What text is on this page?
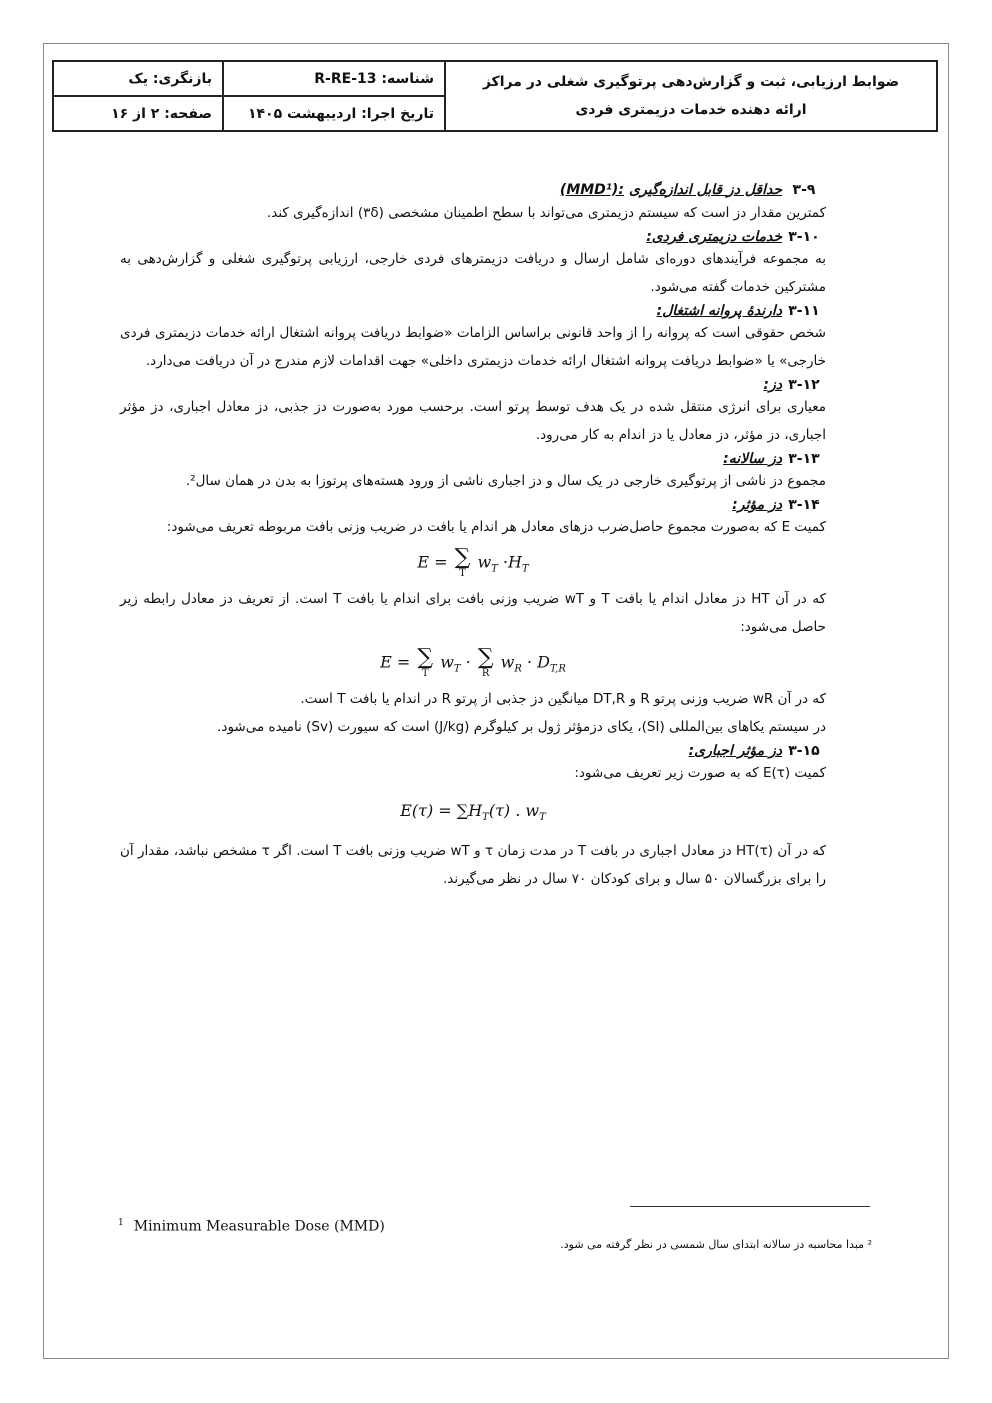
ضوابط ارزیابی، ثبت و گزارش‌دهی پرتوگیری شغلی در مراکز
ارائه دهنده خدمات دزیمتری فردی	شناسه: R-RE-13	بازنگری: یک
	تاریخ اجرا: اردیبهشت ۱۴۰۵	صفحه: ۲ از ۱۶
۳-۹
حداقل دز قابل اندازه‌گیری

(MMD¹):

کمترین مقدار دز است که سیستم دزیمتری می‌تواند با سطح اطمینان مشخصی (۳δ) اندازه‌گیری کند.

۳-۱۰
خدمات دزیمتری فردی:

به مجموعه فرآیندهای دوره‌ای شامل ارسال و دریافت دزیمترهای فردی خارجی، ارزیابی پرتوگیری شغلی و گزارش‌دهی به مشترکین خدمات گفته می‌شود.

۳-۱۱
دارندهٔ پروانه اشتغال:

شخص حقوقی است که پروانه را از واحد قانونی براساس الزامات «ضوابط دریافت پروانه اشتغال ارائه خدمات دزیمتری فردی خارجی» یا «ضوابط دریافت پروانه اشتغال ارائه خدمات دزیمتری داخلی» جهت اقدامات لازم مندرج در آن دریافت می‌دارد.

۳-۱۲
دز:

معیاری برای انرژی منتقل شده در یک هدف توسط پرتو است. برحسب مورد به‌صورت دز جذبی، دز معادل اجباری، دز مؤثر اجباری، دز مؤثر، دز معادل یا دز اندام به کار می‌رود.

۳-۱۳
دز سالانه:

مجموع دز ناشی از پرتوگیری خارجی در یک سال و دز اجباری ناشی از ورود هسته‌های پرتوزا به بدن در همان سال².

۳-۱۴
دز مؤثر:

کمیت E که به‌صورت مجموع حاصل‌ضرب دزهای معادل هر اندام یا بافت در ضریب وزنی بافت مربوطه تعریف می‌شود:

E = ∑
T
$w_T \cdot H_T$

که در آن HT دز معادل اندام یا بافت T و wT ضریب وزنی بافت برای اندام یا بافت T است. از تعریف دز معادل رابطه زیر حاصل می‌شود:

E = ∑
T
$w_T$ · ∑
R
$w_R \cdot D_{T,R}$

که در آن wR ضریب وزنی پرتو R و DT,R میانگین دز جذبی از پرتو R در اندام یا بافت T است.

در سیستم یکاهای بین‌المللی (SI)، یکای دزمؤثر ژول بر کیلوگرم (J/kg) است که سیورت (Sv) نامیده می‌شود.

۳-۱۵
دز مؤثر اجباری:

کمیت E(τ) که به صورت زیر تعریف می‌شود:

$E(\tau) = \sum H_T(\tau)$ . $w_T$

که در آن HT(τ) دز معادل اجباری در بافت T در مدت زمان τ و wT ضریب وزنی بافت T است. اگر τ مشخص نباشد، مقدار آن را برای بزرگسالان ۵۰ سال و برای کودکان ۷۰ سال در نظر می‌گیرند.

$^1$ Minimum Measurable Dose (MMD)
² مبدا محاسبه دز سالانه ابتدای سال شمسی در نظر گرفته می شود.
